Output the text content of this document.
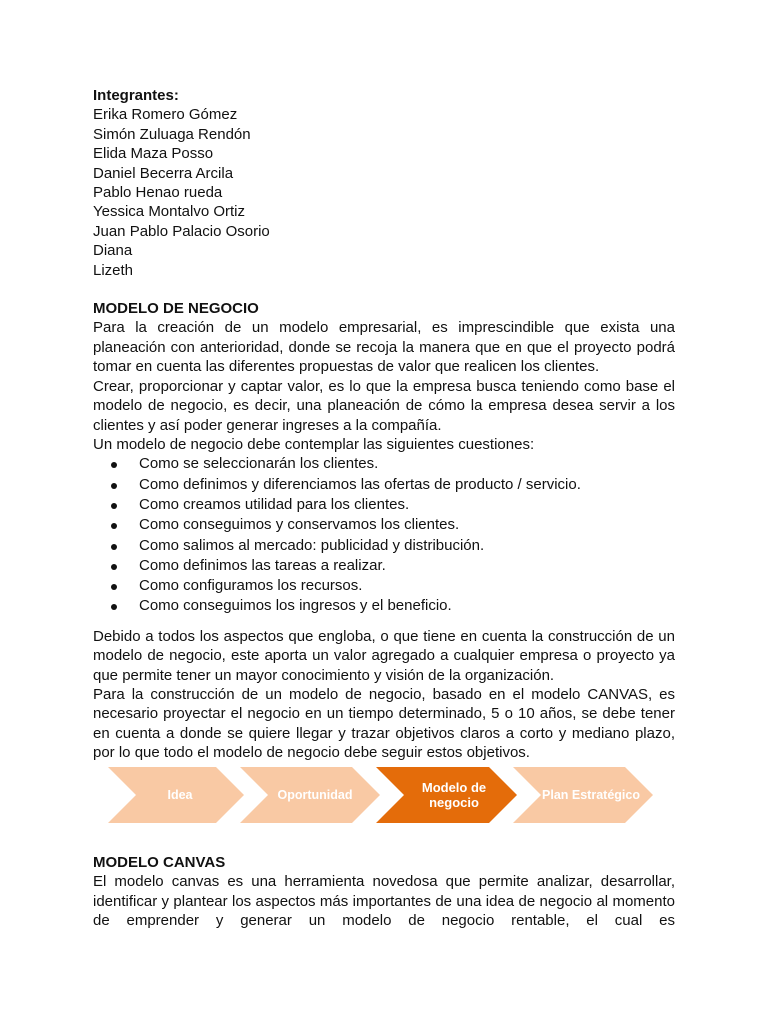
Integrantes:
Erika Romero Gómez
Simón Zuluaga Rendón
Elida Maza Posso
Daniel Becerra Arcila
Pablo Henao rueda
Yessica Montalvo Ortiz
Juan Pablo Palacio Osorio
Diana
Lizeth
MODELO DE NEGOCIO
Para la creación de un modelo empresarial, es imprescindible que exista una planeación con anterioridad, donde se recoja la manera que en que el proyecto podrá tomar en cuenta las diferentes propuestas de valor que realicen los clientes.
Crear, proporcionar y captar valor, es lo que la empresa busca teniendo como base el modelo de negocio, es decir, una planeación de cómo la empresa desea servir a los clientes y así poder generar ingreses a la compañía.
Un modelo de negocio debe contemplar las siguientes cuestiones:
Como se seleccionarán los clientes.
Como definimos y diferenciamos las ofertas de producto / servicio.
Como creamos utilidad para los clientes.
Como conseguimos y conservamos los clientes.
Como salimos al mercado: publicidad y distribución.
Como definimos las tareas a realizar.
Como configuramos los recursos.
Como conseguimos los ingresos y el beneficio.
Debido a todos los aspectos que engloba, o que tiene en cuenta la construcción de un modelo de negocio, este aporta un valor agregado a cualquier empresa o proyecto ya que permite tener un mayor conocimiento y visión de la organización.
Para la construcción de un modelo de negocio, basado en el modelo CANVAS, es necesario proyectar el negocio en un tiempo determinado, 5 o 10 años, se debe tener en cuenta a donde se quiere llegar y trazar objetivos claros a corto y mediano plazo, por lo que todo el modelo de negocio debe seguir estos objetivos.
Idea	Oportunidad	Modelo de negocio
Plan Estratégico
MODELO CANVAS
El modelo canvas es una herramienta novedosa que permite analizar, desarrollar, identificar y plantear los aspectos más importantes de una idea de negocio al momento de emprender y generar un modelo de negocio rentable, el cual es
